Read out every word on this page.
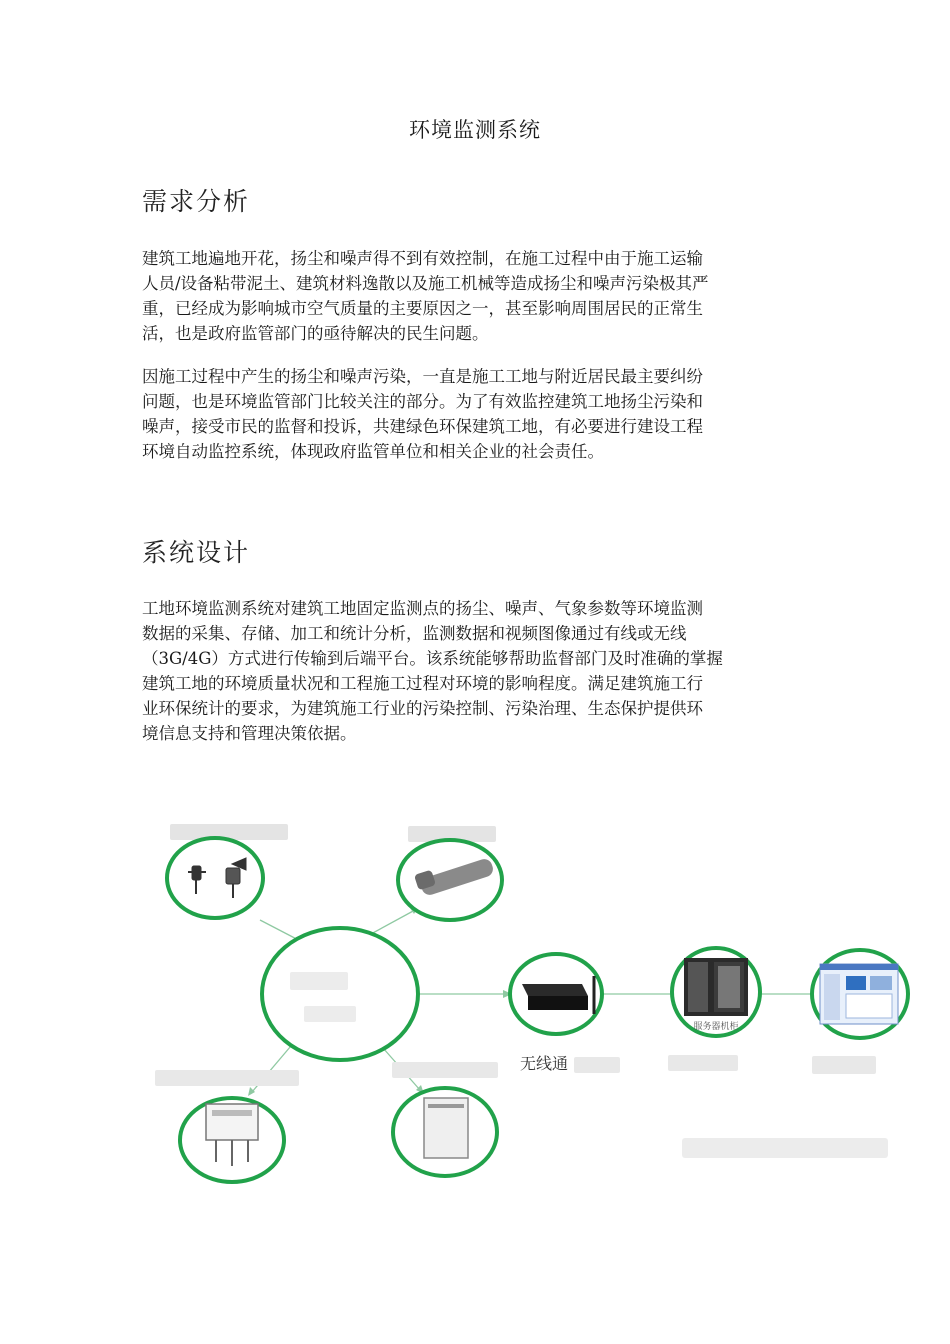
环境监测系统
需求分析
建筑工地遍地开花，扬尘和噪声得不到有效控制，在施工过程中由于施工运输
人员/设备粘带泥土、建筑材料逸散以及施工机械等造成扬尘和噪声污染极其严
重，已经成为影响城市空气质量的主要原因之一，甚至影响周围居民的正常生
活，也是政府监管部门的亟待解决的民生问题。
因施工过程中产生的扬尘和噪声污染，一直是施工工地与附近居民最主要纠纷
问题，也是环境监管部门比较关注的部分。为了有效监控建筑工地扬尘污染和
噪声，接受市民的监督和投诉，共建绿色环保建筑工地，有必要进行建设工程
环境自动监控系统，体现政府监管单位和相关企业的社会责任。
系统设计
工地环境监测系统对建筑工地固定监测点的扬尘、噪声、气象参数等环境监测
数据的采集、存储、加工和统计分析，监测数据和视频图像通过有线或无线
（3G/4G）方式进行传输到后端平台。该系统能够帮助监督部门及时准确的掌握
建筑工地的环境质量状况和工程施工过程对环境的影响程度。满足建筑施工行
业环保统计的要求，为建筑施工行业的污染控制、污染治理、生态保护提供环
境信息支持和管理决策依据。
无线通
服务器机柜
